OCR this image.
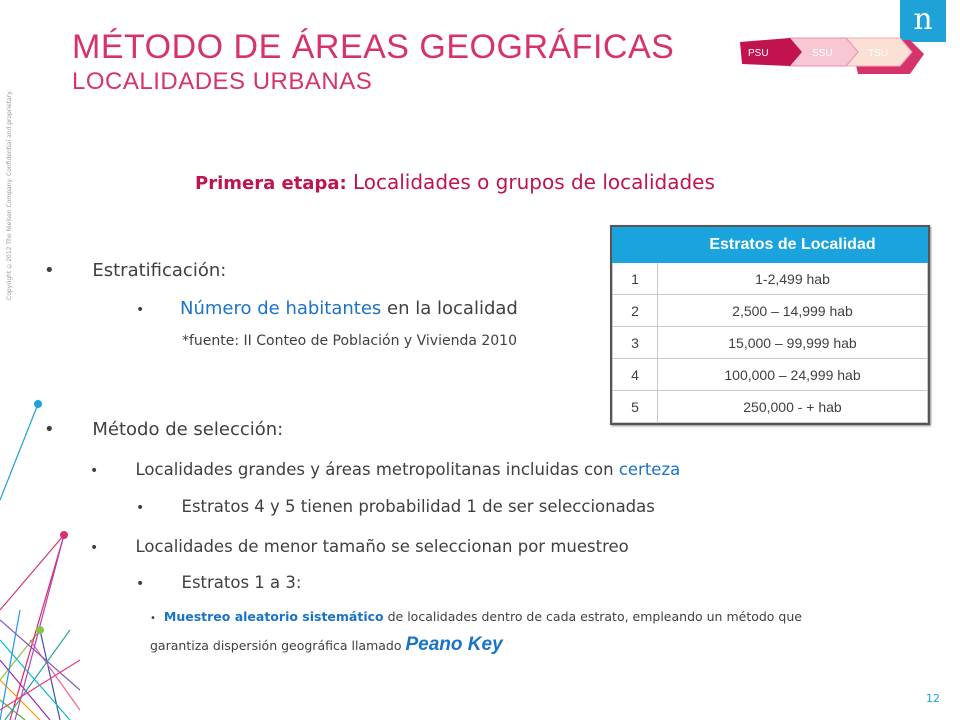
Copyright ©2012 The Nielsen Company. Confidential and proprietary.
MÉTODO DE ÁREAS GEOGRÁFICAS
LOCALIDADES URBANAS
n
PSU	SSU	TSU
Primera etapa: Localidades o grupos de localidades
• Estratificación:
• Número de habitantes en la localidad
*fuente: II Conteo de Población y Vivienda 2010
• Método de selección:
• Localidades grandes y áreas metropolitanas incluidas con certeza
• Estratos 4 y 5 tienen probabilidad 1 de ser seleccionadas
• Localidades de menor tamaño se seleccionan por muestreo
• Estratos 1 a 3:
• Muestreo aleatorio sistemático de localidades dentro de cada estrato, empleando un método que
garantiza dispersión geográfica llamado Peano Key
	Estratos de Localidad
1	1-2,499 hab
2	2,500 – 14,999 hab
3	15,000 – 99,999 hab
4	100,000 – 24,999 hab
5	250,000 - + hab
12
